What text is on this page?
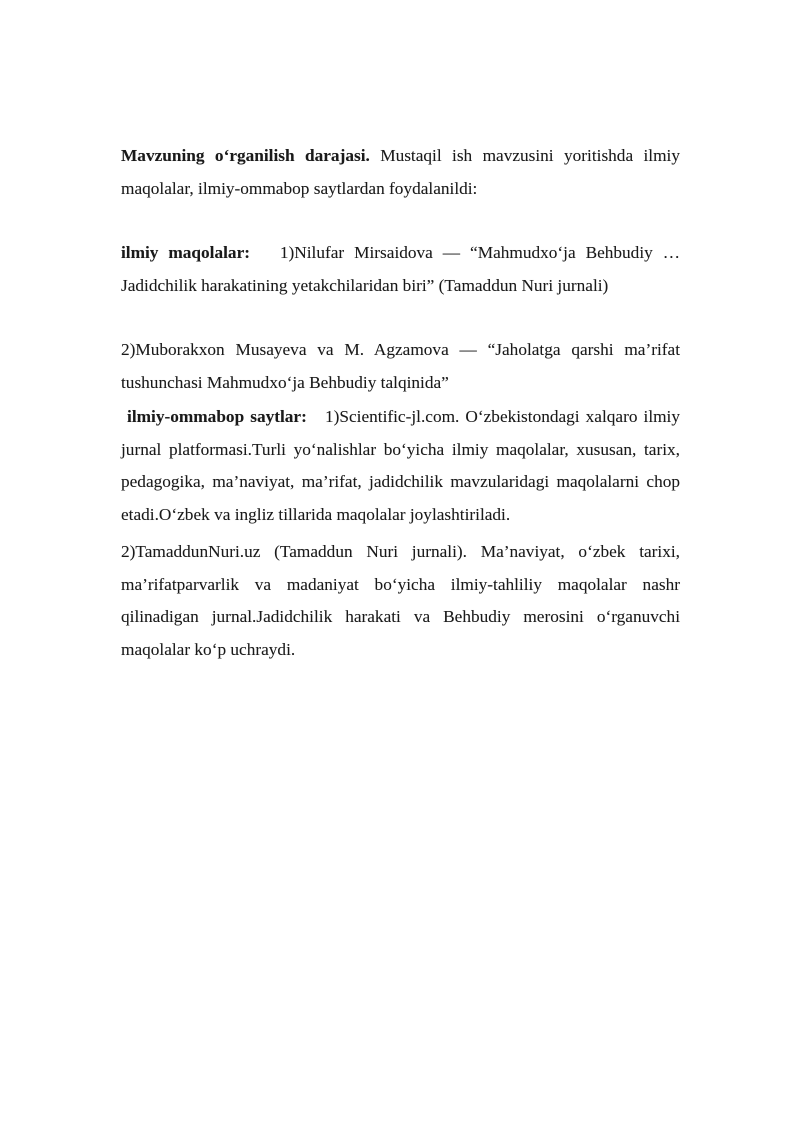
Mavzuning o‘rganilish darajasi. Mustaqil ish mavzusini yoritishda ilmiy maqolalar, ilmiy-ommabop saytlardan foydalanildi:

ilmiy maqolalar: 1)Nilufar Mirsaidova — “Mahmudxo‘ja Behbudiy … Jadidchilik harakatining yetakchilaridan biri” (Tamaddun Nuri jurnali)

2)Muborakxon Musayeva va M. Agzamova — “Jaholatga qarshi ma’rifat tushunchasi Mahmudxo‘ja Behbudiy talqinida”

ilmiy-ommabop saytlar: 1)Scientific-jl.com. O‘zbekistondagi xalqaro ilmiy jurnal platformasi.Turli yo‘nalishlar bo‘yicha ilmiy maqolalar, xususan, tarix, pedagogika, ma’naviyat, ma’rifat, jadidchilik mavzularidagi maqolalarni chop etadi.O‘zbek va ingliz tillarida maqolalar joylashtiriladi.

2)TamaddunNuri.uz (Tamaddun Nuri jurnali). Ma’naviyat, o‘zbek tarixi, ma’rifatparvarlik va madaniyat bo‘yicha ilmiy-tahliliy maqolalar nashr qilinadigan jurnal.Jadidchilik harakati va Behbudiy merosini o‘rganuvchi maqolalar ko‘p uchraydi.
